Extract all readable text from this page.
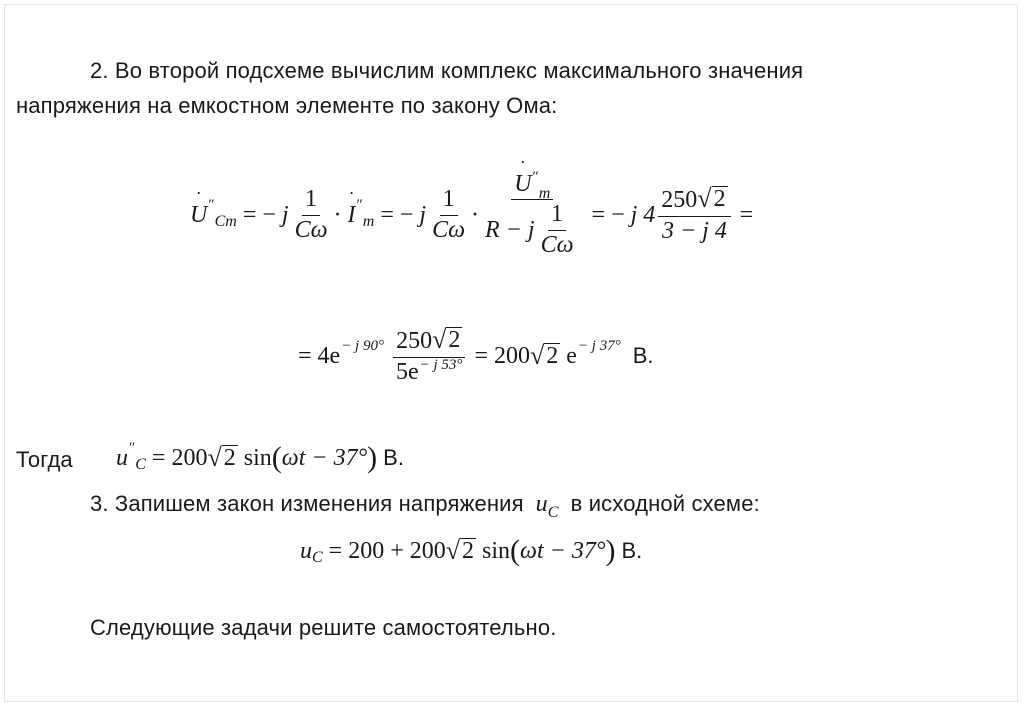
2. Во второй подсхеме вычислим комплекс максимального значения
напряжения на емкостном элементе по закону Ома:
U ˙ ″
Cm = − j $\frac{1}{C\omega} \cdot I$ ˙ ″
m = − j $\frac{1}{C\omega} \cdot \frac{U ˙''_m}{R - j \frac{1}{C\omega}}$ = − j $4 \frac{250 √ 2}{3 - j 4}$ =
= 4e − j $90^\circ \frac{250 √ 2}{5e^{- j 53^\circ}} = 200$ √ 2 e − j 37° В.
Тогда u ″
C = 200 √ 2 sin ( ωt − 37° ) В.
3. Запишем закон изменения напряжения u C в исходной схеме:
u C = 200 + 200 √ 2 sin ( ωt − 37° ) В.
Следующие задачи решите самостоятельно.
